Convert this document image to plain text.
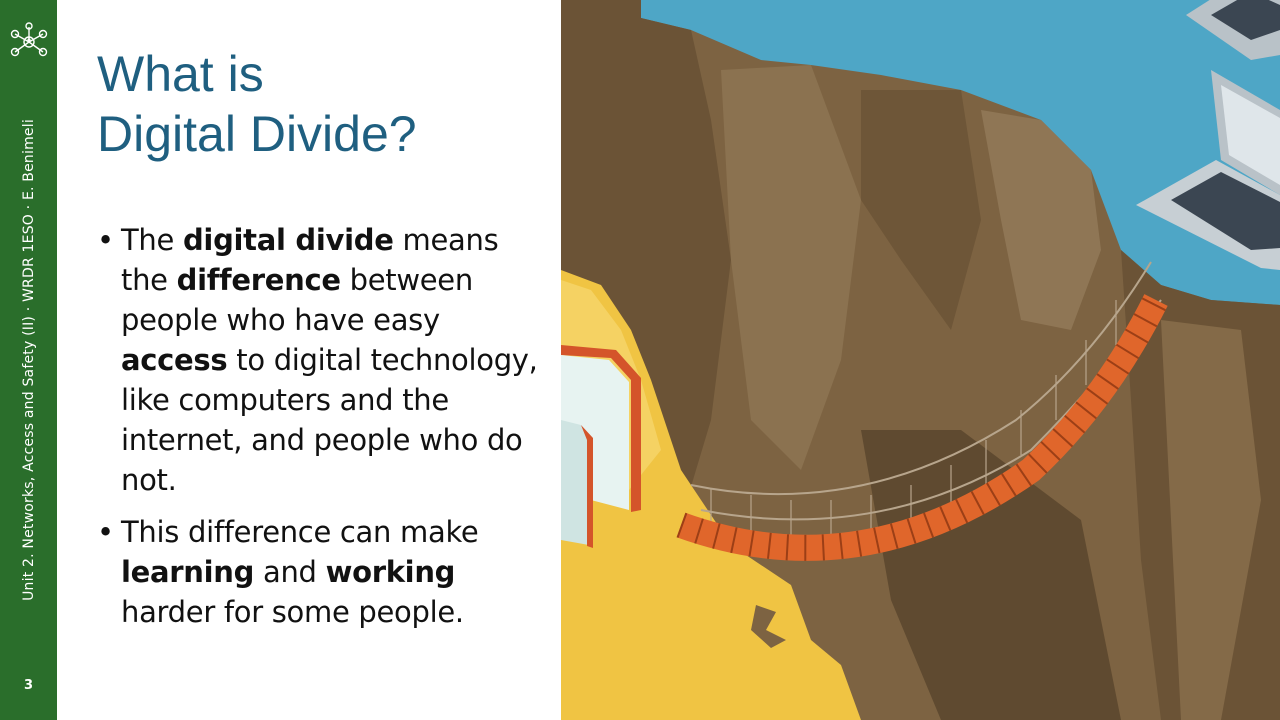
Unit 2. Networks, Access and Safety (II) · WRDR 1ESO · E. Benimeli
3
What is
Digital Divide?
• The digital divide means the difference between people who have easy access to digital technology, like computers and the internet, and people who do not.
• This difference can make learning and working harder for some people.
